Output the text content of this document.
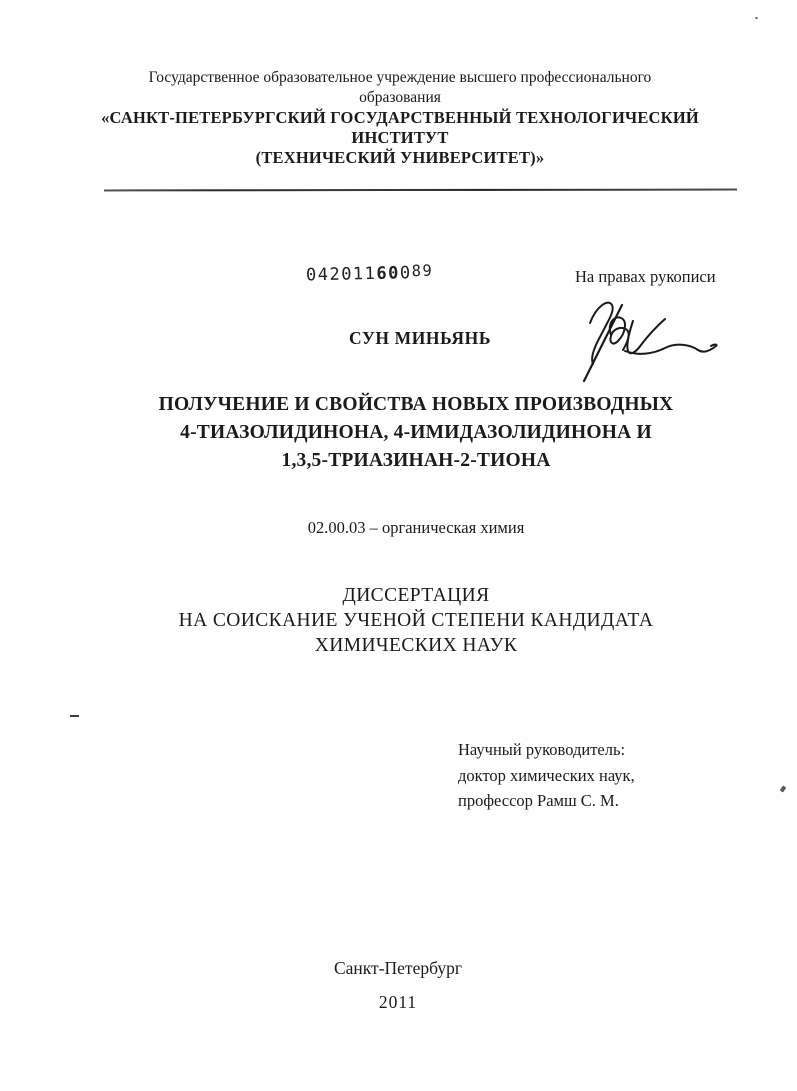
Государственное образовательное учреждение высшего профессионального
образования
«САНКТ-ПЕТЕРБУРГСКИЙ ГОСУДАРСТВЕННЫЙ ТЕХНОЛОГИЧЕСКИЙ
ИНСТИТУТ
(ТЕХНИЧЕСКИЙ УНИВЕРСИТЕТ)»
04201160089	На правах рукописи
СУН МИНЬЯНЬ
ПОЛУЧЕНИЕ И СВОЙСТВА НОВЫХ ПРОИЗВОДНЫХ
4-ТИАЗОЛИДИНОНА, 4-ИМИДАЗОЛИДИНОНА И
1,3,5-ТРИАЗИНАН-2-ТИОНА
02.00.03 – органическая химия
ДИССЕРТАЦИЯ
НА СОИСКАНИЕ УЧЕНОЙ СТЕПЕНИ КАНДИДАТА
ХИМИЧЕСКИХ НАУК
Научный руководитель:
доктор химических наук,
профессор Рамш С. М.
Санкт-Петербург
2011
